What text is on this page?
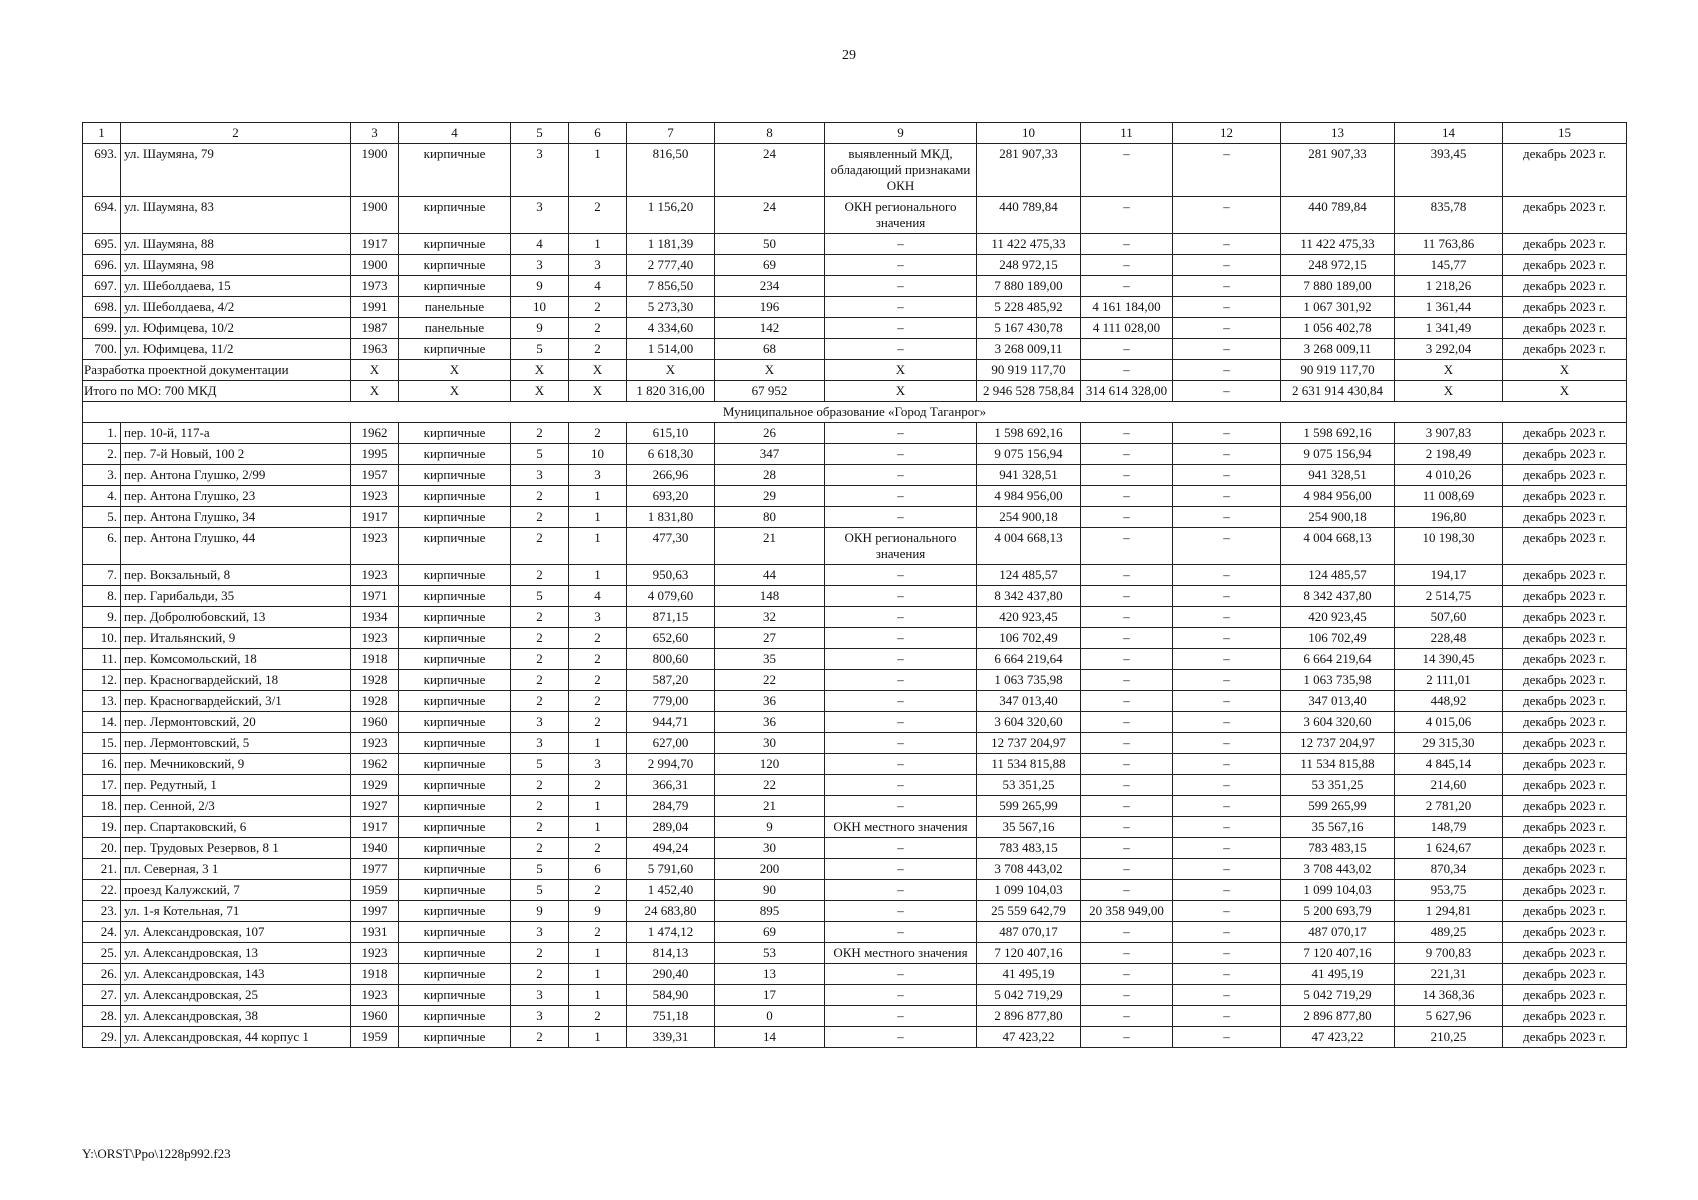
29
1	2	3	4	5	6	7	8	9	10	11	12	13	14	15
693.	ул. Шаумяна, 79	1900	кирпичные	3	1	816,50	24	выявленный МКД, обладающий признаками ОКН	281 907,33	–	–	281 907,33	393,45	декабрь 2023 г.
694.	ул. Шаумяна, 83	1900	кирпичные	3	2	1 156,20	24	ОКН регионального значения	440 789,84	–	–	440 789,84	835,78	декабрь 2023 г.
695.	ул. Шаумяна, 88	1917	кирпичные	4	1	1 181,39	50	–	11 422 475,33	–	–	11 422 475,33	11 763,86	декабрь 2023 г.
696.	ул. Шаумяна, 98	1900	кирпичные	3	3	2 777,40	69	–	248 972,15	–	–	248 972,15	145,77	декабрь 2023 г.
697.	ул. Шеболдаева, 15	1973	кирпичные	9	4	7 856,50	234	–	7 880 189,00	–	–	7 880 189,00	1 218,26	декабрь 2023 г.
698.	ул. Шеболдаева, 4/2	1991	панельные	10	2	5 273,30	196	–	5 228 485,92	4 161 184,00	–	1 067 301,92	1 361,44	декабрь 2023 г.
699.	ул. Юфимцева, 10/2	1987	панельные	9	2	4 334,60	142	–	5 167 430,78	4 111 028,00	–	1 056 402,78	1 341,49	декабрь 2023 г.
700.	ул. Юфимцева, 11/2	1963	кирпичные	5	2	1 514,00	68	–	3 268 009,11	–	–	3 268 009,11	3 292,04	декабрь 2023 г.
Разработка проектной документации		X	X	X	X	X	X	X	90 919 117,70	–	–	90 919 117,70	X	X
Итого по МО: 700 МКД		X	X	X	X	1 820 316,00	67 952	X	2 946 528 758,84	314 614 328,00	–	2 631 914 430,84	X	X
Муниципальное образование «Город Таганрог»														
1.	пер. 10-й, 117-а	1962	кирпичные	2	2	615,10	26	–	1 598 692,16	–	–	1 598 692,16	3 907,83	декабрь 2023 г.
2.	пер. 7-й Новый, 100 2	1995	кирпичные	5	10	6 618,30	347	–	9 075 156,94	–	–	9 075 156,94	2 198,49	декабрь 2023 г.
3.	пер. Антона Глушко, 2/99	1957	кирпичные	3	3	266,96	28	–	941 328,51	–	–	941 328,51	4 010,26	декабрь 2023 г.
4.	пер. Антона Глушко, 23	1923	кирпичные	2	1	693,20	29	–	4 984 956,00	–	–	4 984 956,00	11 008,69	декабрь 2023 г.
5.	пер. Антона Глушко, 34	1917	кирпичные	2	1	1 831,80	80	–	254 900,18	–	–	254 900,18	196,80	декабрь 2023 г.
6.	пер. Антона Глушко, 44	1923	кирпичные	2	1	477,30	21	ОКН регионального значения	4 004 668,13	–	–	4 004 668,13	10 198,30	декабрь 2023 г.
7.	пер. Вокзальный, 8	1923	кирпичные	2	1	950,63	44	–	124 485,57	–	–	124 485,57	194,17	декабрь 2023 г.
8.	пер. Гарибальди, 35	1971	кирпичные	5	4	4 079,60	148	–	8 342 437,80	–	–	8 342 437,80	2 514,75	декабрь 2023 г.
9.	пер. Добролюбовский, 13	1934	кирпичные	2	3	871,15	32	–	420 923,45	–	–	420 923,45	507,60	декабрь 2023 г.
10.	пер. Итальянский, 9	1923	кирпичные	2	2	652,60	27	–	106 702,49	–	–	106 702,49	228,48	декабрь 2023 г.
11.	пер. Комсомольский, 18	1918	кирпичные	2	2	800,60	35	–	6 664 219,64	–	–	6 664 219,64	14 390,45	декабрь 2023 г.
12.	пер. Красногвардейский, 18	1928	кирпичные	2	2	587,20	22	–	1 063 735,98	–	–	1 063 735,98	2 111,01	декабрь 2023 г.
13.	пер. Красногвардейский, 3/1	1928	кирпичные	2	2	779,00	36	–	347 013,40	–	–	347 013,40	448,92	декабрь 2023 г.
14.	пер. Лермонтовский, 20	1960	кирпичные	3	2	944,71	36	–	3 604 320,60	–	–	3 604 320,60	4 015,06	декабрь 2023 г.
15.	пер. Лермонтовский, 5	1923	кирпичные	3	1	627,00	30	–	12 737 204,97	–	–	12 737 204,97	29 315,30	декабрь 2023 г.
16.	пер. Мечниковский, 9	1962	кирпичные	5	3	2 994,70	120	–	11 534 815,88	–	–	11 534 815,88	4 845,14	декабрь 2023 г.
17.	пер. Редутный, 1	1929	кирпичные	2	2	366,31	22	–	53 351,25	–	–	53 351,25	214,60	декабрь 2023 г.
18.	пер. Сенной, 2/3	1927	кирпичные	2	1	284,79	21	–	599 265,99	–	–	599 265,99	2 781,20	декабрь 2023 г.
19.	пер. Спартаковский, 6	1917	кирпичные	2	1	289,04	9	ОКН местного значения	35 567,16	–	–	35 567,16	148,79	декабрь 2023 г.
20.	пер. Трудовых Резервов, 8 1	1940	кирпичные	2	2	494,24	30	–	783 483,15	–	–	783 483,15	1 624,67	декабрь 2023 г.
21.	пл. Северная, 3 1	1977	кирпичные	5	6	5 791,60	200	–	3 708 443,02	–	–	3 708 443,02	870,34	декабрь 2023 г.
22.	проезд Калужский, 7	1959	кирпичные	5	2	1 452,40	90	–	1 099 104,03	–	–	1 099 104,03	953,75	декабрь 2023 г.
23.	ул. 1-я Котельная, 71	1997	кирпичные	9	9	24 683,80	895	–	25 559 642,79	20 358 949,00	–	5 200 693,79	1 294,81	декабрь 2023 г.
24.	ул. Александровская, 107	1931	кирпичные	3	2	1 474,12	69	–	487 070,17	–	–	487 070,17	489,25	декабрь 2023 г.
25.	ул. Александровская, 13	1923	кирпичные	2	1	814,13	53	ОКН местного значения	7 120 407,16	–	–	7 120 407,16	9 700,83	декабрь 2023 г.
26.	ул. Александровская, 143	1918	кирпичные	2	1	290,40	13	–	41 495,19	–	–	41 495,19	221,31	декабрь 2023 г.
27.	ул. Александровская, 25	1923	кирпичные	3	1	584,90	17	–	5 042 719,29	–	–	5 042 719,29	14 368,36	декабрь 2023 г.
28.	ул. Александровская, 38	1960	кирпичные	3	2	751,18	0	–	2 896 877,80	–	–	2 896 877,80	5 627,96	декабрь 2023 г.
29.	ул. Александровская, 44 корпус 1	1959	кирпичные	2	1	339,31	14	–	47 423,22	–	–	47 423,22	210,25	декабрь 2023 г.
Y:\ORST\Ppo\1228p992.f23
